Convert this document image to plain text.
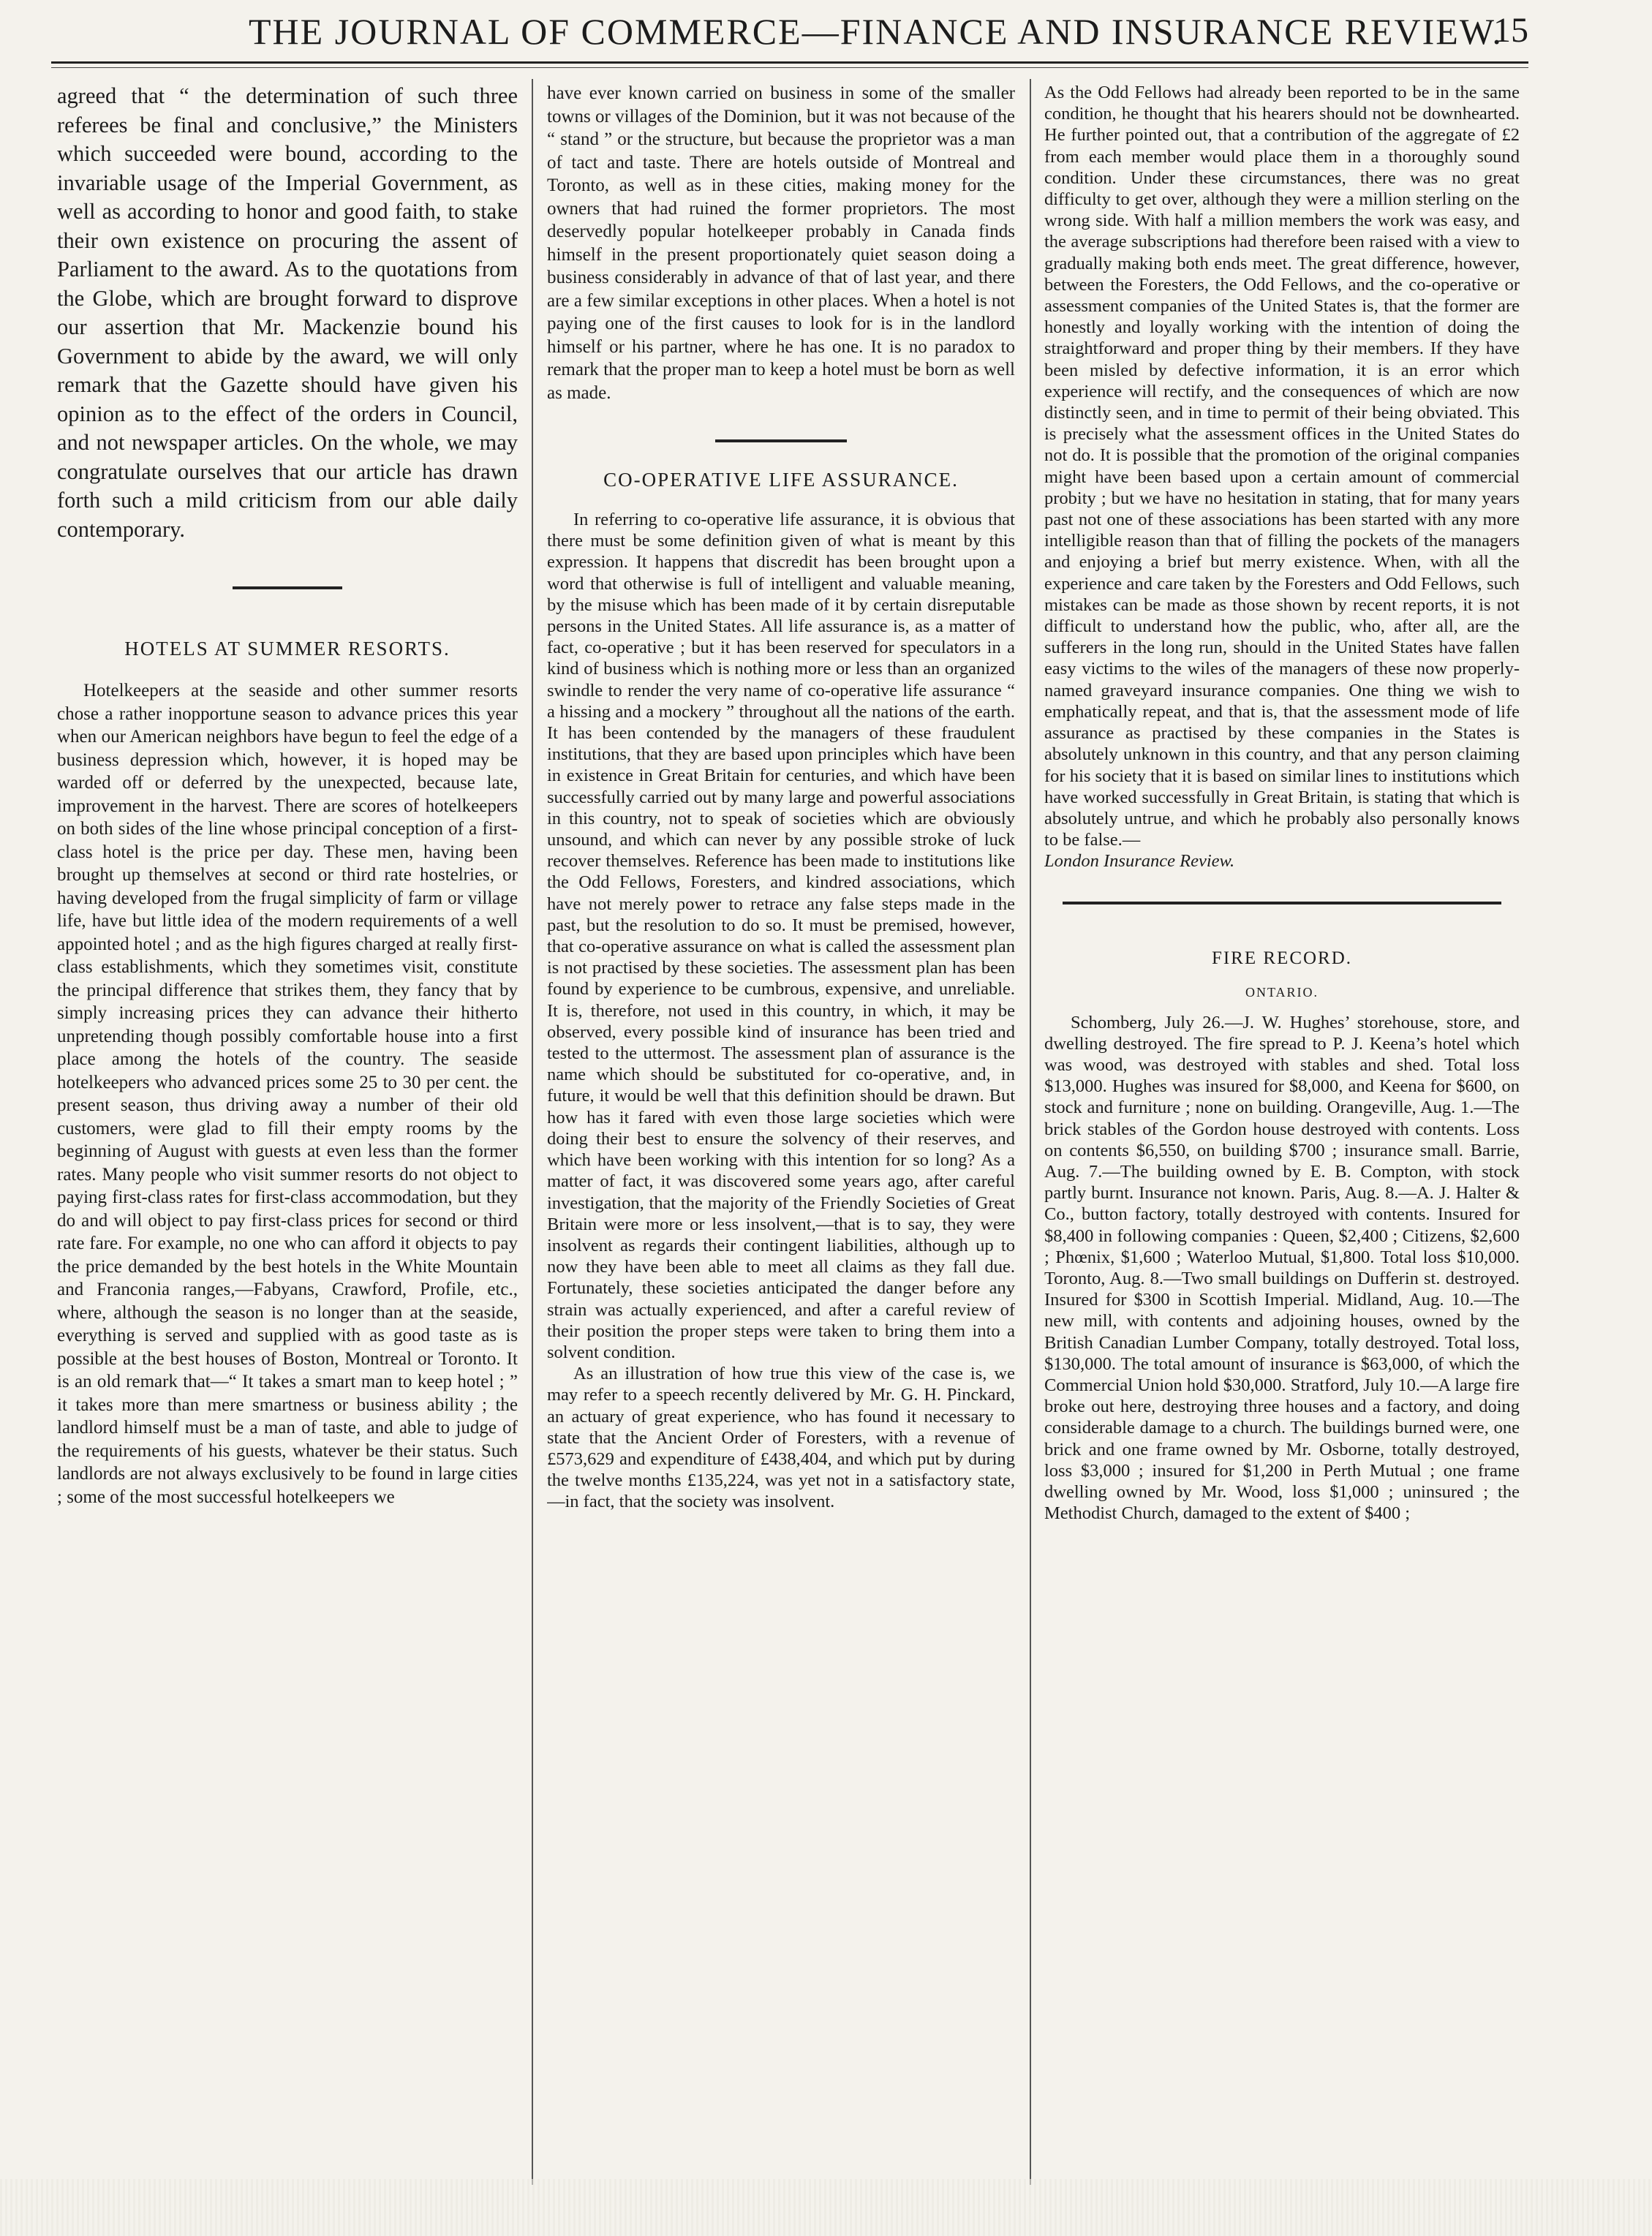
THE JOURNAL OF COMMERCE—FINANCE AND INSURANCE REVIEW.
15

agreed that “ the determination of such three referees be final and conclusive,” the Ministers which succeeded were bound, according to the invariable usage of the Imperial Government, as well as according to honor and good faith, to stake their own existence on procuring the assent of Parliament to the award. As to the quotations from the Globe, which are brought forward to disprove our assertion that Mr. Mackenzie bound his Government to abide by the award, we will only remark that the Gazette should have given his opinion as to the effect of the orders in Council, and not newspaper articles. On the whole, we may congratulate ourselves that our article has drawn forth such a mild criticism from our able daily contemporary.

HOTELS AT SUMMER RESORTS.

Hotelkeepers at the seaside and other summer resorts chose a rather inopportune season to advance prices this year when our American neighbors have begun to feel the edge of a business depression which, however, it is hoped may be warded off or deferred by the unexpected, because late, improvement in the harvest. There are scores of hotelkeepers on both sides of the line whose principal conception of a first-class hotel is the price per day. These men, having been brought up themselves at second or third rate hostelries, or having developed from the frugal simplicity of farm or village life, have but little idea of the modern requirements of a well appointed hotel ; and as the high figures charged at really first-class establishments, which they sometimes visit, constitute the principal difference that strikes them, they fancy that by simply increasing prices they can advance their hitherto unpretending though possibly comfortable house into a first place among the hotels of the country. The seaside hotelkeepers who advanced prices some 25 to 30 per cent. the present season, thus driving away a number of their old customers, were glad to fill their empty rooms by the beginning of August with guests at even less than the former rates. Many people who visit summer resorts do not object to paying first-class rates for first-class accommodation, but they do and will object to pay first-class prices for second or third rate fare. For example, no one who can afford it objects to pay the price demanded by the best hotels in the White Mountain and Franconia ranges,—Fabyans, Crawford, Profile, etc., where, although the season is no longer than at the seaside, everything is served and supplied with as good taste as is possible at the best houses of Boston, Montreal or Toronto. It is an old remark that—“ It takes a smart man to keep hotel ; ” it takes more than mere smartness or business ability ; the landlord himself must be a man of taste, and able to judge of the requirements of his guests, whatever be their status. Such landlords are not always exclusively to be found in large cities ; some of the most successful hotelkeepers we

have ever known carried on business in some of the smaller towns or villages of the Dominion, but it was not because of the “ stand ” or the structure, but because the proprietor was a man of tact and taste. There are hotels outside of Montreal and Toronto, as well as in these cities, making money for the owners that had ruined the former proprietors. The most deservedly popular hotelkeeper probably in Canada finds himself in the present proportionately quiet season doing a business considerably in advance of that of last year, and there are a few similar exceptions in other places. When a hotel is not paying one of the first causes to look for is in the landlord himself or his partner, where he has one. It is no paradox to remark that the proper man to keep a hotel must be born as well as made.

CO-OPERATIVE LIFE ASSURANCE.

In referring to co-operative life assurance, it is obvious that there must be some definition given of what is meant by this expression. It happens that discredit has been brought upon a word that otherwise is full of intelligent and valuable meaning, by the misuse which has been made of it by certain disreputable persons in the United States. All life assurance is, as a matter of fact, co-operative ; but it has been reserved for speculators in a kind of business which is nothing more or less than an organized swindle to render the very name of co-operative life assurance “ a hissing and a mockery ” throughout all the nations of the earth. It has been contended by the managers of these fraudulent institutions, that they are based upon principles which have been in existence in Great Britain for centuries, and which have been successfully carried out by many large and powerful associations in this country, not to speak of societies which are obviously unsound, and which can never by any possible stroke of luck recover themselves. Reference has been made to institutions like the Odd Fellows, Foresters, and kindred associations, which have not merely power to retrace any false steps made in the past, but the resolution to do so. It must be premised, however, that co-operative assurance on what is called the assessment plan is not practised by these societies. The assessment plan has been found by experience to be cumbrous, expensive, and unreliable. It is, therefore, not used in this country, in which, it may be observed, every possible kind of insurance has been tried and tested to the uttermost. The assessment plan of assurance is the name which should be substituted for co-operative, and, in future, it would be well that this definition should be drawn. But how has it fared with even those large societies which were doing their best to ensure the solvency of their reserves, and which have been working with this intention for so long? As a matter of fact, it was discovered some years ago, after careful investigation, that the majority of the Friendly Societies of Great Britain were more or less insolvent,—that is to say, they were insolvent as regards their contingent liabilities, although up to now they have been able to meet all claims as they fall due. Fortunately, these societies anticipated the danger before any strain was actually experienced, and after a careful review of their position the proper steps were taken to bring them into a solvent condition.

As an illustration of how true this view of the case is, we may refer to a speech recently delivered by Mr. G. H. Pinckard, an actuary of great experience, who has found it necessary to state that the Ancient Order of Foresters, with a revenue of £573,629 and expenditure of £438,404, and which put by during the twelve months £135,224, was yet not in a satisfactory state,—in fact, that the society was insolvent.

As the Odd Fellows had already been reported to be in the same condition, he thought that his hearers should not be downhearted. He further pointed out, that a contribution of the aggregate of £2 from each member would place them in a thoroughly sound condition. Under these circumstances, there was no great difficulty to get over, although they were a million sterling on the wrong side. With half a million members the work was easy, and the average subscriptions had therefore been raised with a view to gradually making both ends meet. The great difference, however, between the Foresters, the Odd Fellows, and the co-operative or assessment companies of the United States is, that the former are honestly and loyally working with the intention of doing the straightforward and proper thing by their members. If they have been misled by defective information, it is an error which experience will rectify, and the consequences of which are now distinctly seen, and in time to permit of their being obviated. This is precisely what the assessment offices in the United States do not do. It is possible that the promotion of the original companies might have been based upon a certain amount of commercial probity ; but we have no hesitation in stating, that for many years past not one of these associations has been started with any more intelligible reason than that of filling the pockets of the managers and enjoying a brief but merry existence. When, with all the experience and care taken by the Foresters and Odd Fellows, such mistakes can be made as those shown by recent reports, it is not difficult to understand how the public, who, after all, are the sufferers in the long run, should in the United States have fallen easy victims to the wiles of the managers of these now properly-named graveyard insurance companies. One thing we wish to emphatically repeat, and that is, that the assessment mode of life assurance as practised by these companies in the States is absolutely unknown in this country, and that any person claiming for his society that it is based on similar lines to institutions which have worked successfully in Great Britain, is stating that which is absolutely untrue, and which he probably also personally knows to be false.—

London Insurance Review.

FIRE RECORD.
ONTARIO.

Schomberg, July 26.—J. W. Hughes’ storehouse, store, and dwelling destroyed. The fire spread to P. J. Keena’s hotel which was wood, was destroyed with stables and shed. Total loss $13,000. Hughes was insured for $8,000, and Keena for $600, on stock and furniture ; none on building. Orangeville, Aug. 1.—The brick stables of the Gordon house destroyed with contents. Loss on contents $6,550, on building $700 ; insurance small. Barrie, Aug. 7.—The building owned by E. B. Compton, with stock partly burnt. Insurance not known. Paris, Aug. 8.—A. J. Halter & Co., button factory, totally destroyed with contents. Insured for $8,400 in following companies : Queen, $2,400 ; Citizens, $2,600 ; Phœnix, $1,600 ; Waterloo Mutual, $1,800. Total loss $10,000. Toronto, Aug. 8.—Two small buildings on Dufferin st. destroyed. Insured for $300 in Scottish Imperial. Midland, Aug. 10.—The new mill, with contents and adjoining houses, owned by the British Canadian Lumber Company, totally destroyed. Total loss, $130,000. The total amount of insurance is $63,000, of which the Commercial Union hold $30,000. Stratford, July 10.—A large fire broke out here, destroying three houses and a factory, and doing considerable damage to a church. The buildings burned were, one brick and one frame owned by Mr. Osborne, totally destroyed, loss $3,000 ; insured for $1,200 in Perth Mutual ; one frame dwelling owned by Mr. Wood, loss $1,000 ; uninsured ; the Methodist Church, damaged to the extent of $400 ;
